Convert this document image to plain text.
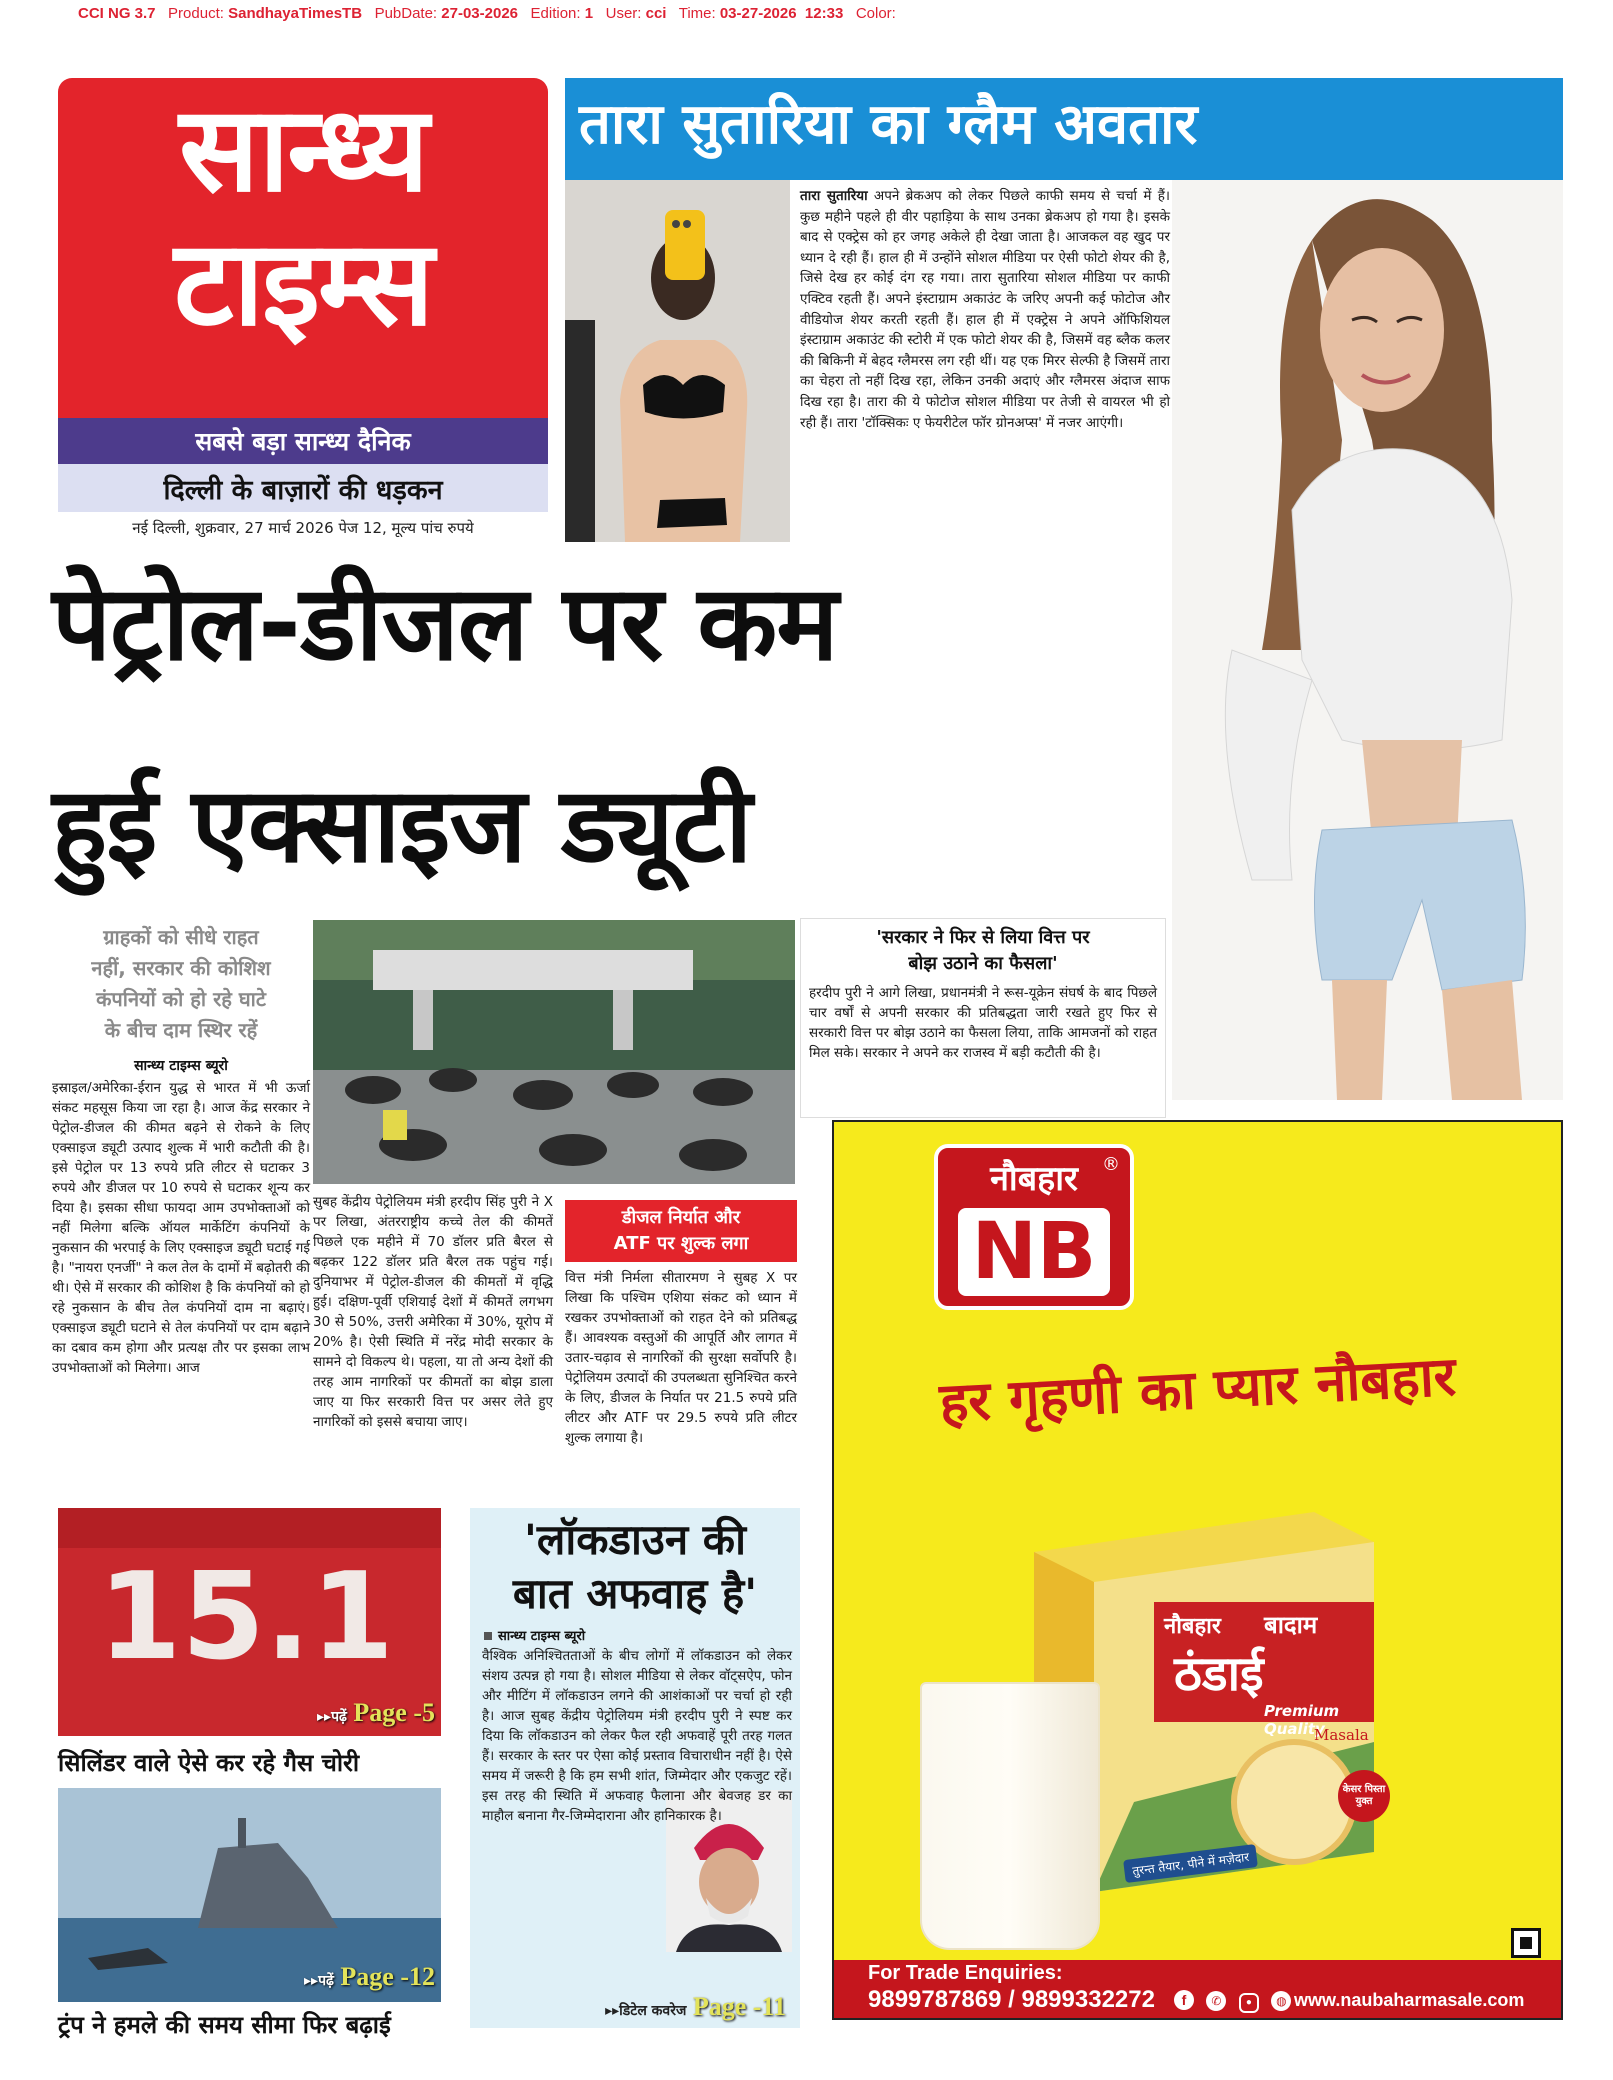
CCI NG 3.7 Product: SandhayaTimesTB PubDate: 27-03-2026 Edition: 1 User: cci Time: 03-27-2026 12:33 Color:
सान्ध्य
टाइम्स
सबसे बड़ा सान्ध्य दैनिक
दिल्ली के बाज़ारों की धड़कन
नई दिल्ली, शुक्रवार, 27 मार्च 2026 पेज 12, मूल्य पांच रुपये
तारा सुतारिया का ग्लैम अवतार
तारा सुतारिया अपने ब्रेकअप को लेकर पिछले काफी समय से चर्चा में हैं। कुछ महीने पहले ही वीर पहाड़िया के साथ उनका ब्रेकअप हो गया है। इसके बाद से एक्ट्रेस को हर जगह अकेले ही देखा जाता है। आजकल वह खुद पर ध्यान दे रही हैं। हाल ही में उन्होंने सोशल मीडिया पर ऐसी फोटो शेयर की है, जिसे देख हर कोई दंग रह गया। तारा सुतारिया सोशल मीडिया पर काफी एक्टिव रहती हैं। अपने इंस्टाग्राम अकाउंट के जरिए अपनी कई फोटोज और वीडियोज शेयर करती रहती हैं। हाल ही में एक्ट्रेस ने अपने ऑफिशियल इंस्टाग्राम अकाउंट की स्टोरी में एक फोटो शेयर की है, जिसमें वह ब्लैक कलर की बिकिनी में बेहद ग्लैमरस लग रही थीं। यह एक मिरर सेल्फी है जिसमें तारा का चेहरा तो नहीं दिख रहा, लेकिन उनकी अदाएं और ग्लैमरस अंदाज साफ दिख रहा है। तारा की ये फोटोज सोशल मीडिया पर तेजी से वायरल भी हो रही हैं। तारा 'टॉक्सिकः ए फेयरीटेल फॉर ग्रोनअप्स' में नजर आएंगी।
पेट्रोल-डीजल पर कम
हुई एक्साइज ड्यूटी
ग्राहकों को सीधे राहत
नहीं, सरकार की कोशिश
कंपनियों को हो रहे घाटे
के बीच दाम स्थिर रहें
सान्ध्य टाइम्स ब्यूरो
इस्राइल/अमेरिका-ईरान युद्ध से भारत में भी ऊर्जा संकट महसूस किया जा रहा है। आज केंद्र सरकार ने पेट्रोल-डीजल की कीमत बढ़ने से रोकने के लिए एक्साइज ड्यूटी उत्पाद शुल्क में भारी कटौती की है। इसे पेट्रोल पर 13 रुपये प्रति लीटर से घटाकर 3 रुपये और डीजल पर 10 रुपये से घटाकर शून्य कर दिया है। इसका सीधा फायदा आम उपभोक्ताओं को नहीं मिलेगा बल्कि ऑयल मार्केटिंग कंपनियों के नुकसान की भरपाई के लिए एक्साइज ड्यूटी घटाई गई है। "नायरा एनर्जी" ने कल तेल के दामों में बढ़ोतरी की थी। ऐसे में सरकार की कोशिश है कि कंपनियों को हो रहे नुकसान के बीच तेल कंपनियों दाम ना बढ़ाएं। एक्साइज ड्यूटी घटाने से तेल कंपनियों पर दाम बढ़ाने का दबाव कम होगा और प्रत्यक्ष तौर पर इसका लाभ उपभोक्ताओं को मिलेगा। आज
सुबह केंद्रीय पेट्रोलियम मंत्री हरदीप सिंह पुरी ने X पर लिखा, अंतरराष्ट्रीय कच्चे तेल की कीमतें पिछले एक महीने में 70 डॉलर प्रति बैरल से बढ़कर 122 डॉलर प्रति बैरल तक पहुंच गई। दुनियाभर में पेट्रोल-डीजल की कीमतों में वृद्धि हुई। दक्षिण-पूर्वी एशियाई देशों में कीमतें लगभग 30 से 50%, उत्तरी अमेरिका में 30%, यूरोप में 20% है। ऐसी स्थिति में नरेंद्र मोदी सरकार के सामने दो विकल्प थे। पहला, या तो अन्य देशों की तरह आम नागरिकों पर कीमतों का बोझ डाला जाए या फिर सरकारी वित्त पर असर लेते हुए नागरिकों को इससे बचाया जाए।
डीजल निर्यात और
ATF पर शुल्क लगा
वित्त मंत्री निर्मला सीतारमण ने सुबह X पर लिखा कि पश्चिम एशिया संकट को ध्यान में रखकर उपभोक्ताओं को राहत देने को प्रतिबद्ध हैं। आवश्यक वस्तुओं की आपूर्ति और लागत में उतार-चढ़ाव से नागरिकों की सुरक्षा सर्वोपरि है। पेट्रोलियम उत्पादों की उपलब्धता सुनिश्चित करने के लिए, डीजल के निर्यात पर 21.5 रुपये प्रति लीटर और ATF पर 29.5 रुपये प्रति लीटर शुल्क लगाया है।
'सरकार ने फिर से लिया वित्त पर
बोझ उठाने का फैसला'
हरदीप पुरी ने आगे लिखा, प्रधानमंत्री ने रूस-यूक्रेन संघर्ष के बाद पिछले चार वर्षों से अपनी सरकार की प्रतिबद्धता जारी रखते हुए फिर से सरकारी वित्त पर बोझ उठाने का फैसला लिया, ताकि आमजनों को राहत मिल सके। सरकार ने अपने कर राजस्व में बड़ी कटौती की है।
15.1
▸▸पढ़ें Page -5
सिलिंडर वाले ऐसे कर रहे गैस चोरी
▸▸पढ़ें Page -12
ट्रंप ने हमले की समय सीमा फिर बढ़ाई
'लॉकडाउन की
बात अफवाह है'
सान्ध्य टाइम्स ब्यूरो
वैश्विक अनिश्चितताओं के बीच लोगों में लॉकडाउन को लेकर संशय उत्पन्न हो गया है। सोशल मीडिया से लेकर वॉट्सऐप, फोन और मीटिंग में लॉकडाउन लगने की आशंकाओं पर चर्चा हो रही है। आज सुबह केंद्रीय पेट्रोलियम मंत्री हरदीप पुरी ने स्पष्ट कर दिया कि लॉकडाउन को लेकर फैल रही अफवाहें पूरी तरह गलत हैं। सरकार के स्तर पर ऐसा कोई प्रस्ताव विचाराधीन नहीं है। ऐसे समय में जरूरी है कि हम सभी शांत, जिम्मेदार और एकजुट रहें। इस तरह की स्थिति में अफवाह फैलाना और बेवजह डर का माहौल बनाना गैर-जिम्मेदाराना और हानिकारक है।
▸▸डिटेल कवरेज Page -11
नौबहार	®
NB
हर गृहणी का प्यार नौबहार
नौबहार बादाम
ठंडाई
Premium Quality
Masala
केसर पिस्ता युक्त
तुरन्त तैयार, पीने में मज़ेदार
For Trade Enquiries:
9899787869 / 9899332272	f ✆ ● ◍ www.naubaharmasale.com
